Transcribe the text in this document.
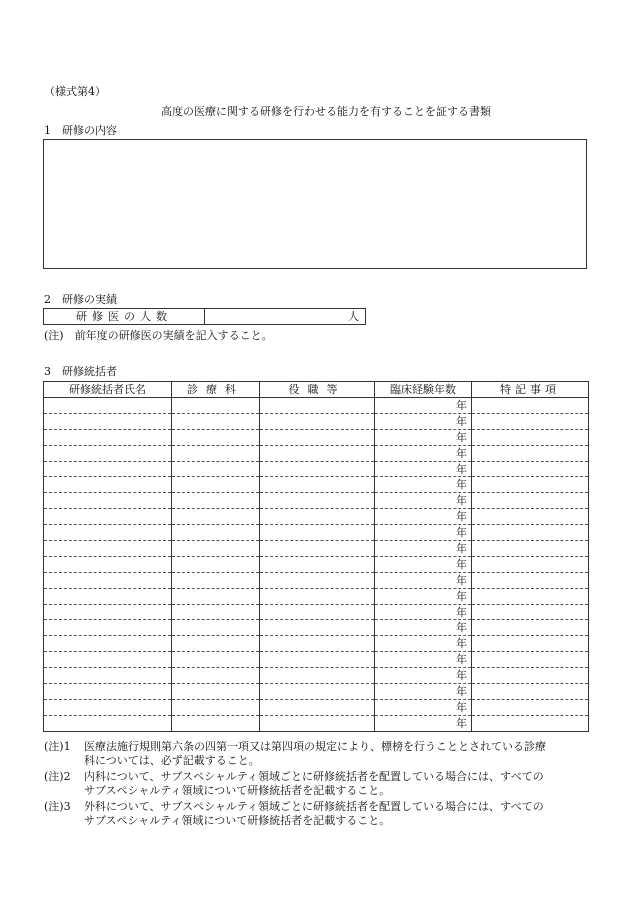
（様式第4）
高度の医療に関する研修を行わせる能力を有することを証する書類
1　研修の内容
2　研修の実績
研修医の人数	人
(注)　前年度の研修医の実績を記入すること。
3　研修統括者
研修統括者氏名	診療科	役職等	臨床経験年数	特記事項
			年	
			年	
			年	
			年	
			年	
			年	
			年	
			年	
			年	
			年	
			年	
			年	
			年	
			年	
			年	
			年	
			年	
			年	
			年	
			年	
			年	
(注)1	医療法施行規則第六条の四第一項又は第四項の規定により、標榜を行うこととされている診療
科については、必ず記載すること。
(注)2	内科について、サブスペシャルティ領域ごとに研修統括者を配置している場合には、すべての
サブスペシャルティ領域について研修統括者を記載すること。
(注)3	外科について、サブスペシャルティ領域ごとに研修統括者を配置している場合には、すべての
サブスペシャルティ領域について研修統括者を記載すること。
